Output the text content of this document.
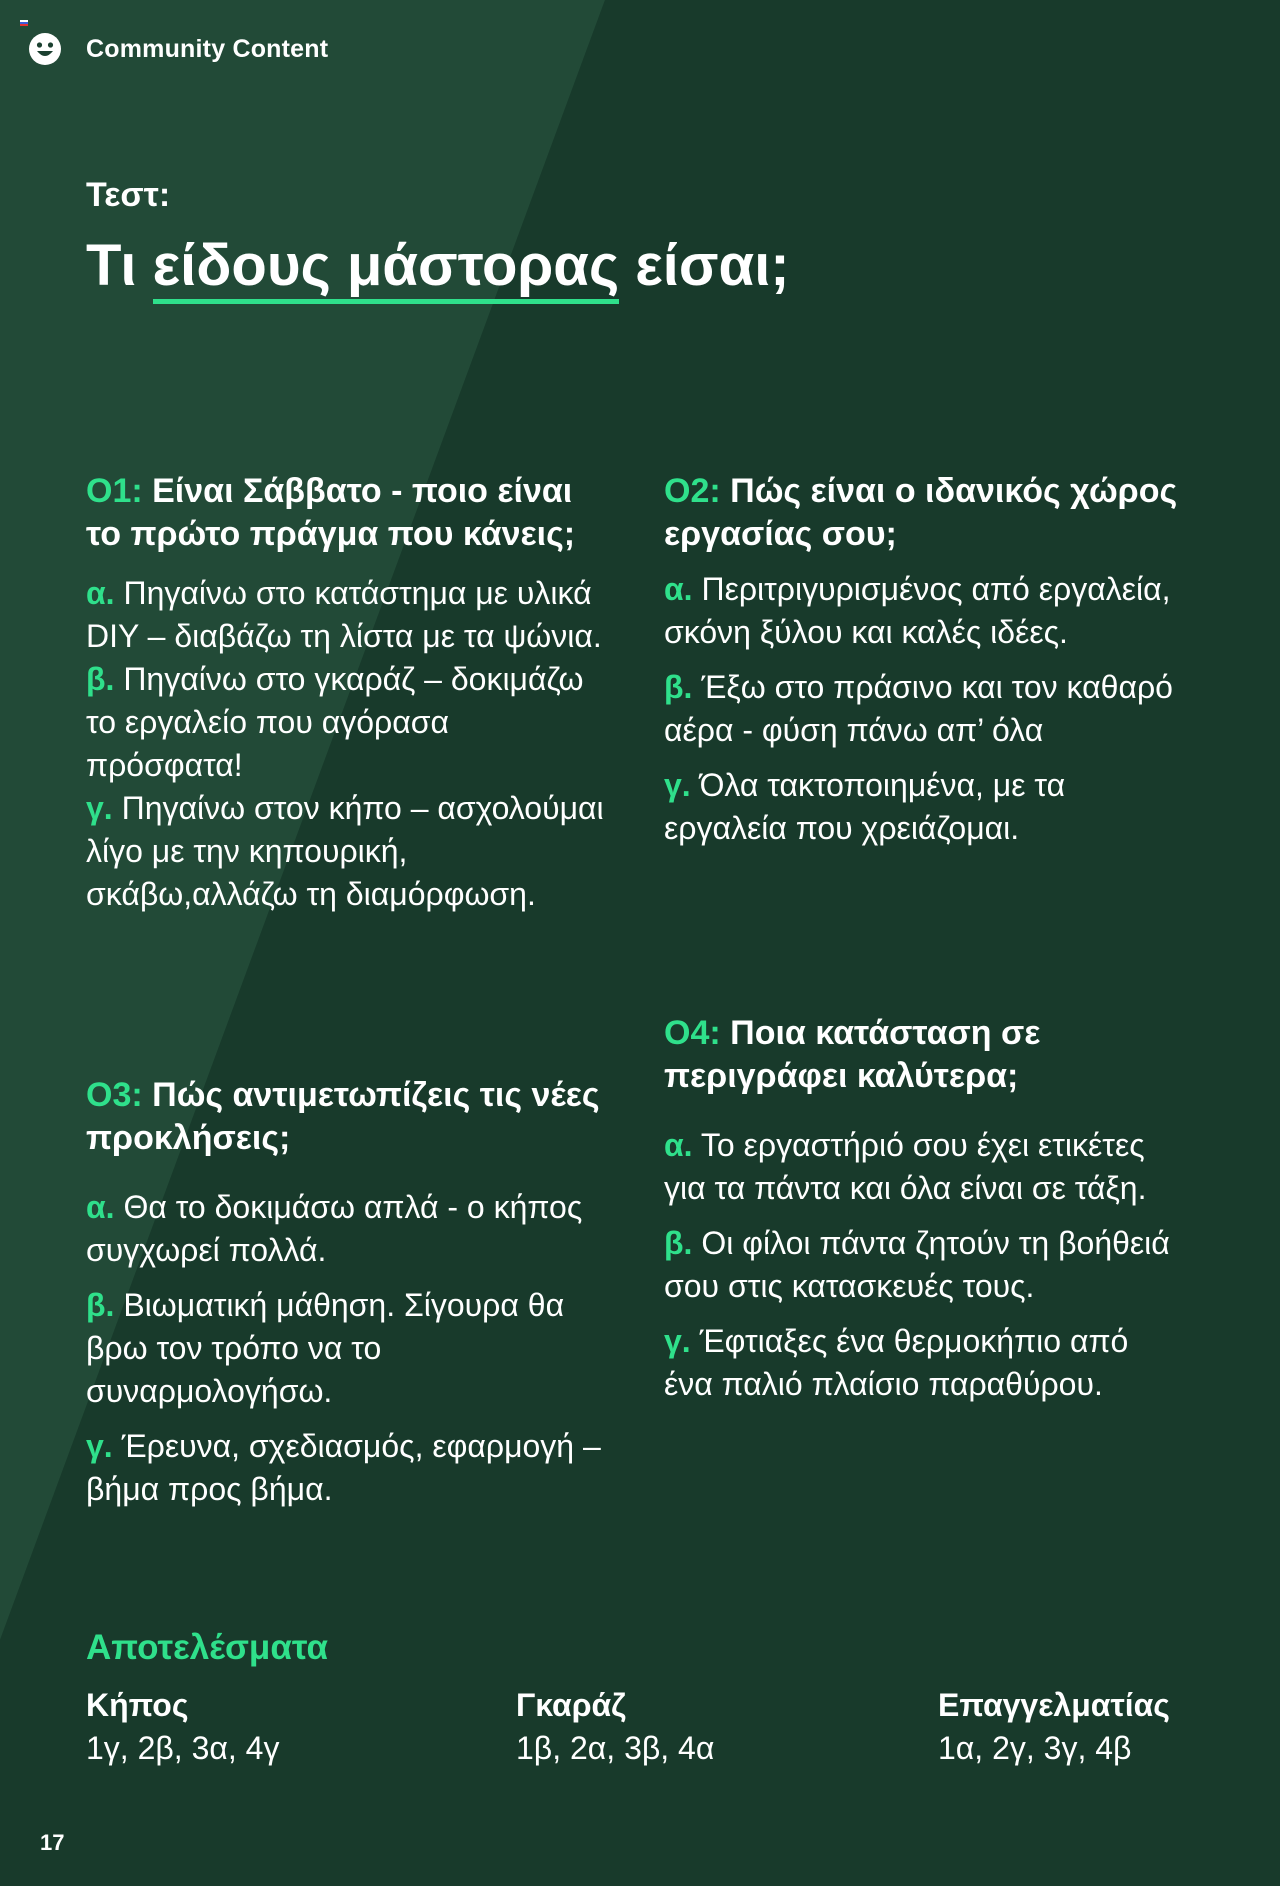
Community Content
Τεστ:
Τι είδους μάστορας είσαι;

Ο1: Είναι Σάββατο - ποιο είναι το πρώτο πράγμα που κάνεις;

α. Πηγαίνω στο κατάστημα με υλικά DIY – διαβάζω τη λίστα με τα ψώνια.

β. Πηγαίνω στο γκαράζ – δοκιμάζω το εργαλείο που αγόρασα πρόσφατα!

γ. Πηγαίνω στον κήπο – ασχολούμαι λίγο με την κηπουρική, σκάβω,αλλάζω τη διαμόρφωση.

Ο2: Πώς είναι ο ιδανικός χώρος εργασίας σου;

α. Περιτριγυρισμένος από εργαλεία, σκόνη ξύλου και καλές ιδέες.

β. Έξω στο πράσινο και τον καθαρό αέρα - φύση πάνω απ’ όλα

γ. Όλα τακτοποιημένα, με τα εργαλεία που χρειάζομαι.

Ο3: Πώς αντιμετωπίζεις τις νέες προκλήσεις;

α. Θα το δοκιμάσω απλά - ο κήπος συγχωρεί πολλά.

β. Βιωματική μάθηση. Σίγουρα θα βρω τον τρόπο να το συναρμολογήσω.

γ. Έρευνα, σχεδιασμός, εφαρμογή – βήμα προς βήμα.

Ο4: Ποια κατάσταση σε περιγράφει καλύτερα;

α. Το εργαστήριό σου έχει ετικέτες για τα πάντα και όλα είναι σε τάξη.

β. Οι φίλοι πάντα ζητούν τη βοήθειά σου στις κατασκευές τους.

γ. Έφτιαξες ένα θερμοκήπιο από ένα παλιό πλαίσιο παραθύρου.

Αποτελέσματα
Κήπος
1γ, 2β, 3α, 4γ
Γκαράζ
1β, 2α, 3β, 4α
Επαγγελματίας
1α, 2γ, 3γ, 4β
17
